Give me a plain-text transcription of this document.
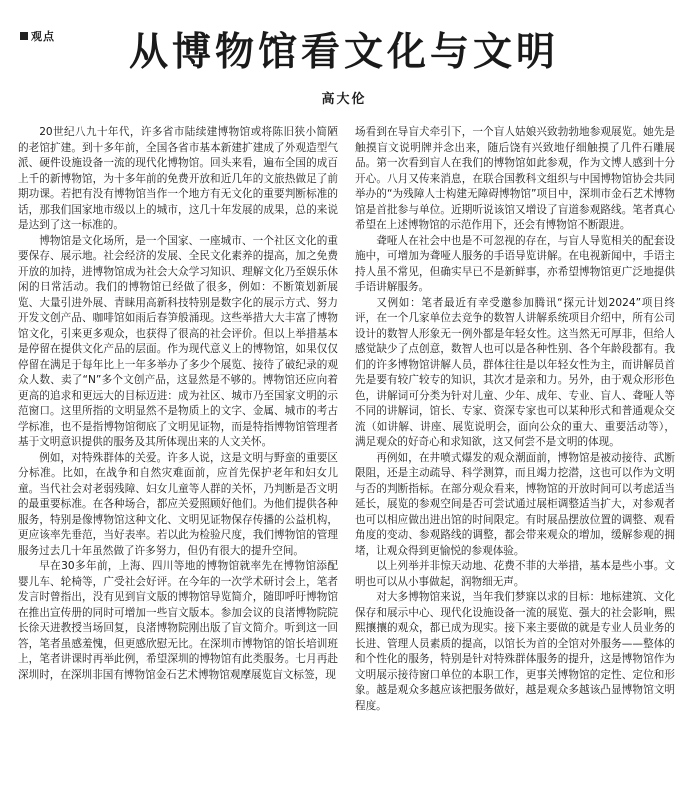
观点	从博物馆看文化与文明
高大伦

20世纪八九十年代，许多省市陆续建博物馆或将陈旧狭小简陋的老馆扩建。到十多年前，全国各省市基本新建扩建成了外观造型气派、硬件设施设备一流的现代化博物馆。回头来看，遍布全国的成百上千的新博物馆，为十多年前的免费开放和近几年的文旅热做足了前期功课。若把有没有博物馆当作一个地方有无文化的重要判断标准的话，那我们国家地市级以上的城市，这几十年发展的成果，总的来说是达到了这一标准的。

博物馆是文化场所，是一个国家、一座城市、一个社区文化的重要保存、展示地。社会经济的发展、全民文化素养的提高，加之免费开放的加持，进博物馆成为社会大众学习知识、理解文化乃至娱乐休闲的日常活动。我们的博物馆已经做了很多，例如：不断策划新展览、大量引进外展、青睐用高新科技特别是数字化的展示方式、努力开发文创产品、咖啡馆如雨后春笋般涌现。这些举措大大丰富了博物馆文化，引来更多观众，也获得了很高的社会评价。但以上举措基本是停留在提供文化产品的层面。作为现代意义上的博物馆，如果仅仅停留在满足于每年比上一年多举办了多少个展览、接待了破纪录的观众人数、卖了“N”多个文创产品，这显然是不够的。博物馆还应向着更高的追求和更远大的目标迈进：成为社区、城市乃至国家文明的示范窗口。这里所指的文明显然不是物质上的文字、金属、城市的考古学标准，也不是指博物馆彻底了文明见证物，而是特指博物馆管理者基于文明意识提供的服务及其所体现出来的人文关怀。

例如，对特殊群体的关爱。许多人说，这是文明与野蛮的重要区分标准。比如，在战争和自然灾难面前，应首先保护老年和妇女儿童。当代社会对老弱残障、妇女儿童等人群的关怀，乃判断是否文明的最重要标准。在各种场合，都应关爱照顾好他们。为他们提供各种服务，特别是像博物馆这种文化、文明见证物保存传播的公益机构，更应该率先垂范，当好表率。若以此为检验尺度，我们博物馆的管理服务过去几十年虽然做了许多努力，但仍有很大的提升空间。

早在30多年前，上海、四川等地的博物馆就率先在博物馆添配婴儿车、轮椅等，广受社会好评。在今年的一次学术研讨会上，笔者发言时曾指出，没有见到盲文版的博物馆导览简介，随即呼吁博物馆在推出宣传册的同时可增加一些盲文版本。参加会议的良渚博物院院长徐天进教授当场回复，良渚博物院刚出版了盲文简介。听到这一回答，笔者虽感羞愧，但更感欣慰无比。在深圳市博物馆的馆长培训班上，笔者讲课时再举此例，希望深圳的博物馆有此类服务。七月再赴深圳时，在深圳非国有博物馆金石艺术博物馆观摩展览盲文标签，现

场看到在导盲犬牵引下，一个盲人姑娘兴致勃勃地参观展览。她先是触摸盲文说明牌并念出来，随后饶有兴致地仔细触摸了几件石雕展品。第一次看到盲人在我们的博物馆如此参观，作为文博人感到十分开心。八月又传来消息，在联合国教科文组织与中国博物馆协会共同举办的“为残障人士构建无障碍博物馆”项目中，深圳市金石艺术博物馆是首批参与单位。近期听说该馆又增设了盲道参观路线。笔者真心希望在上述博物馆的示范作用下，还会有博物馆不断跟进。

聋哑人在社会中也是不可忽视的存在，与盲人导览相关的配套设施中，可增加为聋哑人服务的手语导览讲解。在电视新闻中，手语主持人虽不常见，但确实早已不是新鲜事，亦希望博物馆更广泛地提供手语讲解服务。

又例如：笔者最近有幸受邀参加腾讯“探元计划2024”项目终评，在一个几家单位去竞争的数智人讲解系统项目介绍中，所有公司设计的数智人形象无一例外都是年轻女性。这当然无可厚非，但给人感觉缺少了点创意，数智人也可以是各种性别、各个年龄段都有。我们的许多博物馆讲解人员，群体往往是以年轻女性为主，而讲解员首先是要有较广较专的知识，其次才是亲和力。另外，由于观众形形色色，讲解词可分类为针对儿童、少年、成年、专业、盲人、聋哑人等不同的讲解词，馆长、专家、资深专家也可以某种形式和普通观众交流（如讲解、讲座、展览说明会，面向公众的重大、重要活动等），满足观众的好奇心和求知欲，这又何尝不是文明的体现。

再例如，在井喷式爆发的观众潮面前，博物馆是被动接待、武断限阻，还是主动疏导、科学测算，而且竭力挖潜，这也可以作为文明与否的判断指标。在部分观众看来，博物馆的开放时间可以考虑适当延长，展览的参观空间是否可尝试通过展柜调整适当扩大，对参观者也可以相应做出进出馆的时间限定。有时展品摆放位置的调整、观看角度的变动、参观路线的调整，都会带来观众的增加，缓解参观的拥堵，让观众得到更愉悦的参观体验。

以上列举并非惊天动地、花费不菲的大举措，基本是些小事。文明也可以从小事做起，润物细无声。

对大多博物馆来说，当年我们梦寐以求的目标：地标建筑、文化保存和展示中心、现代化设施设备一流的展览、强大的社会影响，熙熙攘攘的观众，都已成为现实。接下来主要做的就是专业人员业务的长进、管理人员素质的提高，以馆长为首的全馆对外服务——整体的和个性化的服务，特别是针对特殊群体服务的提升，这是博物馆作为文明展示接待窗口单位的本职工作，更事关博物馆的定性、定位和形象。越是观众多越应该把服务做好，越是观众多越该凸显博物馆文明程度。
